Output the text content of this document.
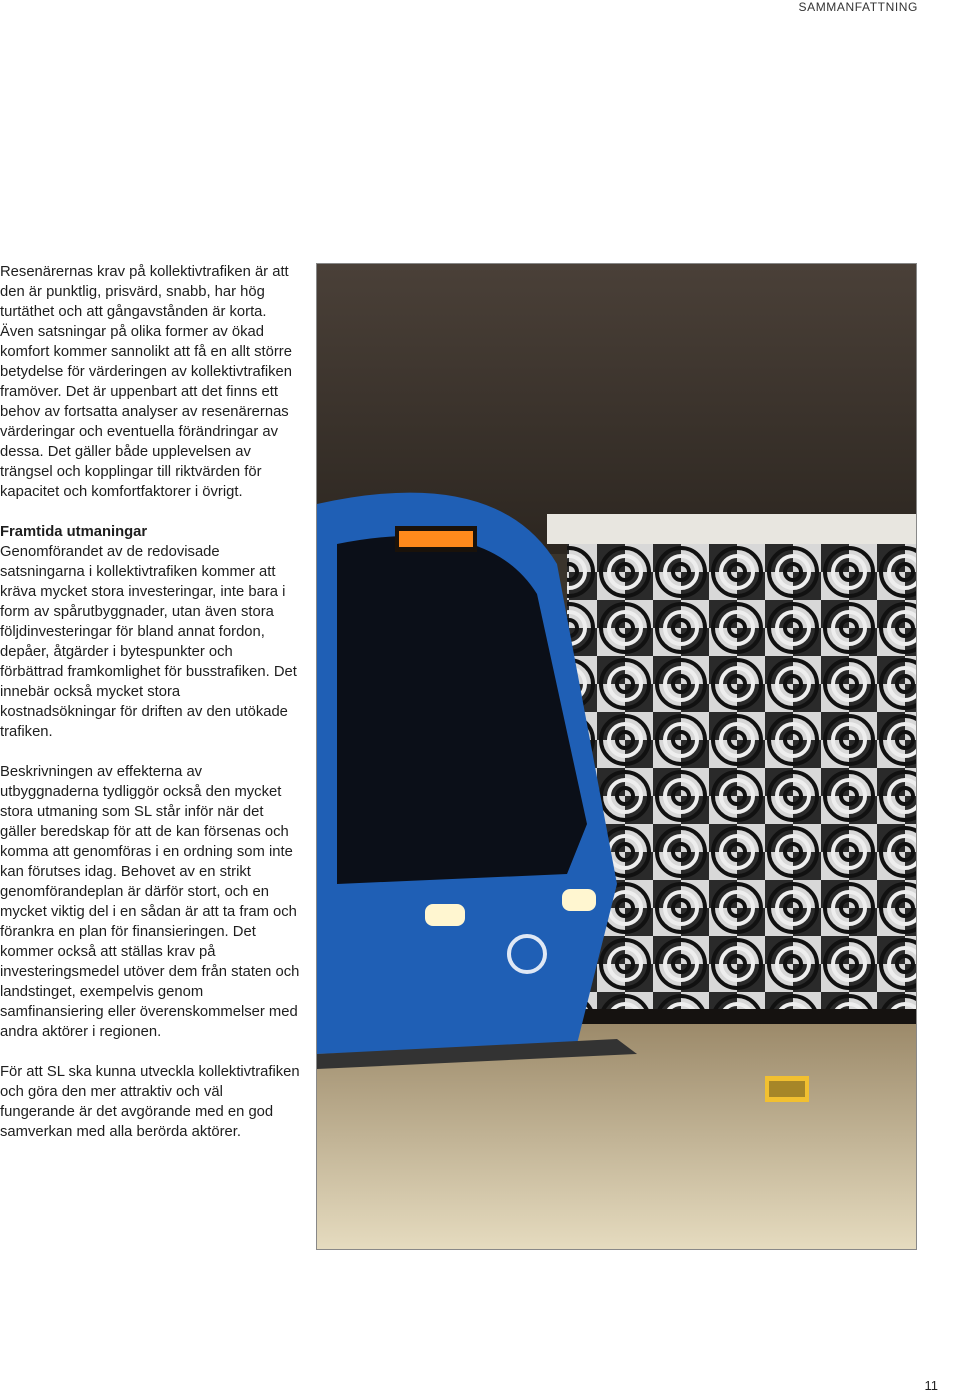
SAMMANFATTNING

Resenärernas krav på kollektivtrafiken är att den är punktlig, prisvärd, snabb, har hög turtäthet och att gångavstånden är korta. Även satsningar på olika former av ökad komfort kommer sannolikt att få en allt större betydelse för värderingen av kollektivtrafiken framöver. Det är uppenbart att det finns ett behov av fortsatta analyser av resenärernas värderingar och eventuella förändringar av dessa. Det gäller både upplevelsen av trängsel och kopplingar till riktvärden för kapacitet och komfortfaktorer i övrigt.

Framtida utmaningar

Genomförandet av de redovisade satsningarna i kollektivtrafiken kommer att kräva mycket stora investeringar, inte bara i form av spårutbyggnader, utan även stora följdinvesteringar för bland annat fordon, depåer, åtgärder i bytespunkter och förbättrad framkomlighet för busstrafiken. Det innebär också mycket stora kostnadsökningar för driften av den utökade trafiken.

Beskrivningen av effekterna av utbyggnaderna tydliggör också den mycket stora utmaning som SL står inför när det gäller beredskap för att de kan försenas och komma att genomföras i en ordning som inte kan förutses idag. Behovet av en strikt genomförandeplan är därför stort, och en mycket viktig del i en sådan är att ta fram och förankra en plan för finansieringen. Det kommer också att ställas krav på investeringsmedel utöver dem från staten och landstinget, exempelvis genom samfinansiering eller överenskommelser med andra aktörer i regionen.

För att SL ska kunna utveckla kollektivtrafiken och göra den mer attraktiv och väl fungerande är det avgörande med en god samverkan med alla berörda aktörer.

11
